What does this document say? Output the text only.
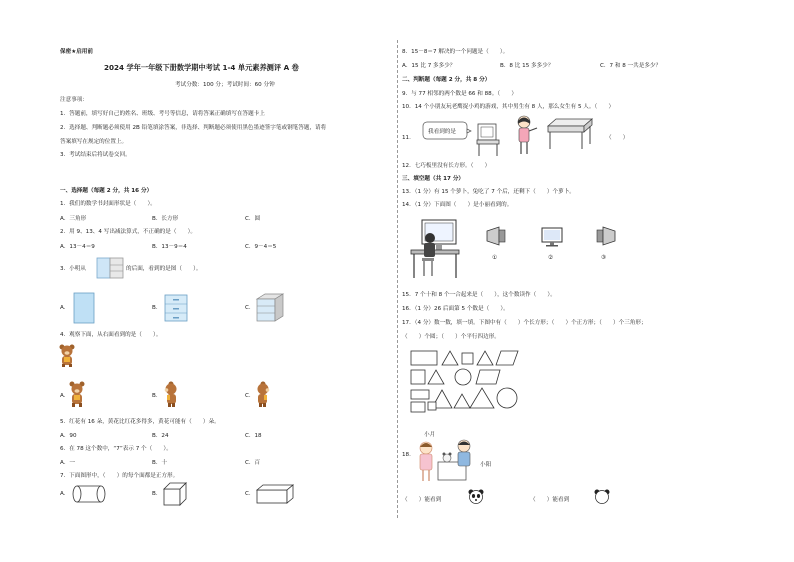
保密★启用前
2024 学年一年级下册数学期中考试 1-4 单元素养测评 A 卷
考试分数：100 分；考试时间：60 分钟
注意事项：
1．答题前，填写好自己的姓名、班级、考号等信息，请将答案正确填写在答题卡上
2．选择题、判断题必须使用 2B 铅笔填涂答案，非选择、判断题必须使用黑色墨迹签字笔或钢笔答题，请将
答案填写在规定的位置上。
3．考试结束后将试卷交回。
一、选择题（每题 2 分，共 16 分）
1．我们的数学书封面形状是（　　）。
A．三角形	B．长方形	C．圆
2．用 9、13、4 写出减法算式，不正确的是（　　）。
A．13－4＝9	B．13－9＝4	C．9－4＝5
3．小明从	的后面，看到的是图（　　）。
A.	B.	C.
4．观察下面，从右面看到的是（　　）。
A.	B.	C.
5．红花有 16 朵，黄花比红花多得多，黄花可能有（　　）朵。
A．90	B．24	C．18
6．在 78 这个数中，“7”表示 7 个（　　）。
A．一	B．十	C．百
7．下面图形中，（　　）的每个面都是正方形。
A.	B.	C.
8．15－8＝7 解决的一个问题是（　　）。
A．15 比 7 多多少？	B．8 比 15 多多少？	C．7 和 8 一共是多少？
二、判断题（每题 2 分，共 8 分）
9．与 77 相邻的两个数是 66 和 88。（　　）
10．14 个小朋友玩老鹰捉小鸡的游戏，其中男生有 8 人，那么女生有 5 人。（　　）
11.
我看到的是
（　　）
12．七巧板里没有长方形。（　　）
三、填空题（共 17 分）
13．（1 分）有 15 个萝卜，兔吃了 7 个后，还剩下（　　）个萝卜。
14．（1 分）下面图（　　）是小丽看到的。
①	②	③
15．7 个十和 8 个一合起来是（　　），这个数读作（　　）。
16．（1 分）26 后面第 5 个数是（　　）。
17．（4 分）数一数，填一填。下图中有（　　）个长方形；（　　）个正方形；（　　）个三角形；
（　　）个圆；（　　）个平行四边形。
18.
小月
小阳
（　　）能看到	（　　）能看到
